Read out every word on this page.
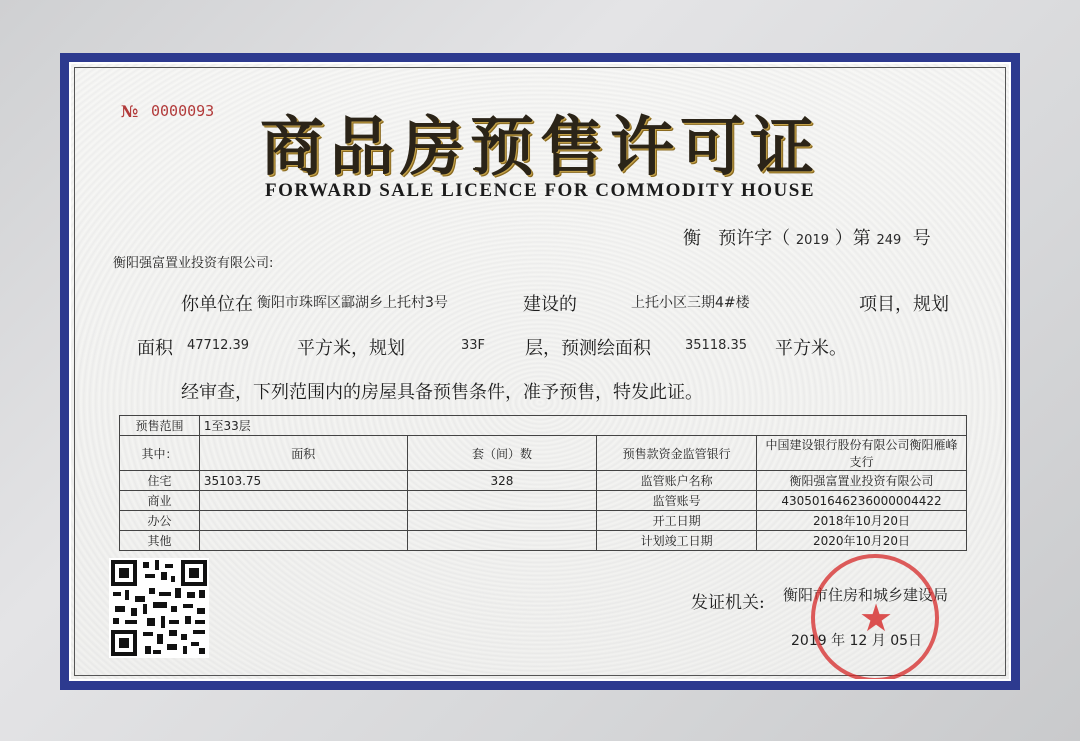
№ 0000093 商品房预售许可证
FORWARD SALE LICENCE FOR COMMODITY HOUSE
衡 预许字（ 2019 ）第 249 号
衡阳强富置业投资有限公司:
你单位在 衡阳市珠晖区酃湖乡上托村3号	建设的	上托小区三期4#楼	项目，规划
面积 47712.39	平方米，规划	33F 层，预测绘面积	35118.35 平方米。
经审查，下列范围内的房屋具备预售条件，准予预售，特发此证。
预售范围	1至33层			
其中：	面积	套（间）数	预售款资金监管银行	中国建设银行股份有限公司衡阳雁峰支行
住宅	35103.75	328	监管账户名称	衡阳强富置业投资有限公司
商业			监管账号	430501646236000004422
办公			开工日期	2018年10月20日
其他			计划竣工日期	2020年10月20日
发证机关: 衡阳市住房和城乡建设局
2019 年 12 月 05日
★
